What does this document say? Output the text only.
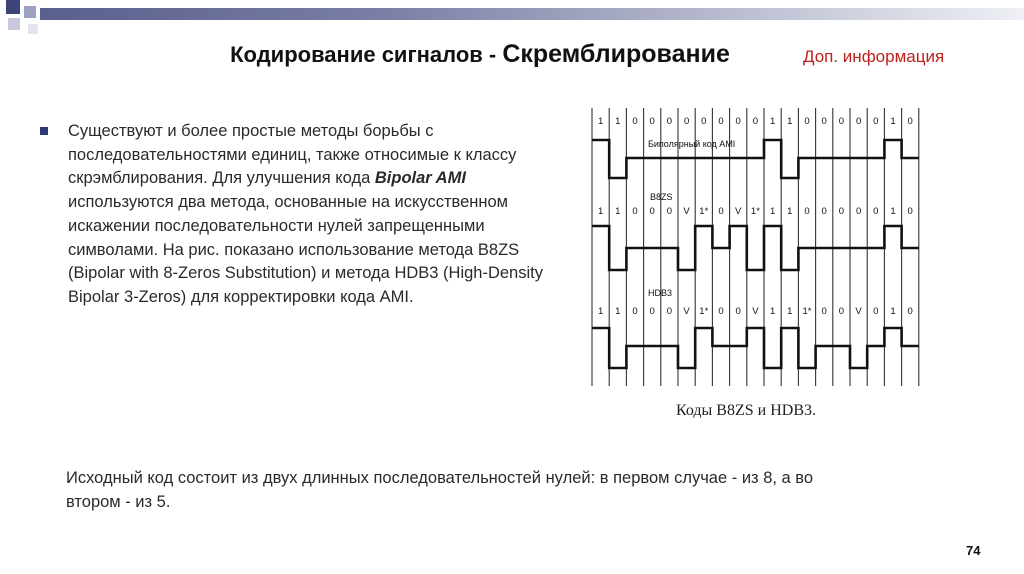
Кодирование сигналов - Скремблирование	Доп. информация
Существуют и более простые методы борьбы с последовательностями единиц, также относимые к классу скрэмблирования. Для улучшения кода Bipolar AMI используются два метода, основанные на искусственном искажении последовательности нулей запрещенными символами. На рис. показано использование метода B8ZS (Bipolar with 8-Zeros Substitution) и метода HDB3 (High-Density Bipolar 3-Zeros) для корректировки кода AMI.
1 1 0 0 0 0 0 0 0 0 1 1 0 0 0 0 0 1 0
1 1 0 0 0 V 1* 0 V 1* 1 1 0 0 0 0 0 1 0
1 1 0 0 0 V 1* 0 0 V 1 1 1* 0 0 V 0 1 0
Биполярный код AMI
B8ZS
HDB3
Коды B8ZS и HDB3.
Исходный код состоит из двух длинных последовательностей нулей: в первом случае - из 8, а во втором - из 5.
74
